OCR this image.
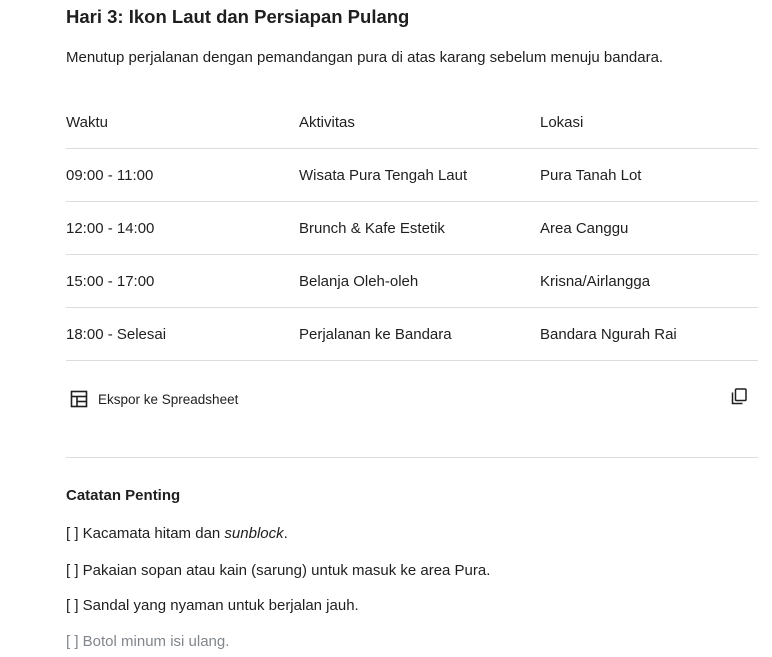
Hari 3: Ikon Laut dan Persiapan Pulang
Menutup perjalanan dengan pemandangan pura di atas karang sebelum menuju bandara.
Waktu	Aktivitas	Lokasi
09:00 - 11:00	Wisata Pura Tengah Laut	Pura Tanah Lot
12:00 - 14:00	Brunch & Kafe Estetik	Area Canggu
15:00 - 17:00	Belanja Oleh-oleh	Krisna/Airlangga
18:00 - Selesai	Perjalanan ke Bandara	Bandara Ngurah Rai
Ekspor ke Spreadsheet
Catatan Penting
[ ] Kacamata hitam dan sunblock.
[ ] Pakaian sopan atau kain (sarung) untuk masuk ke area Pura.
[ ] Sandal yang nyaman untuk berjalan jauh.
[ ] Botol minum isi ulang.
